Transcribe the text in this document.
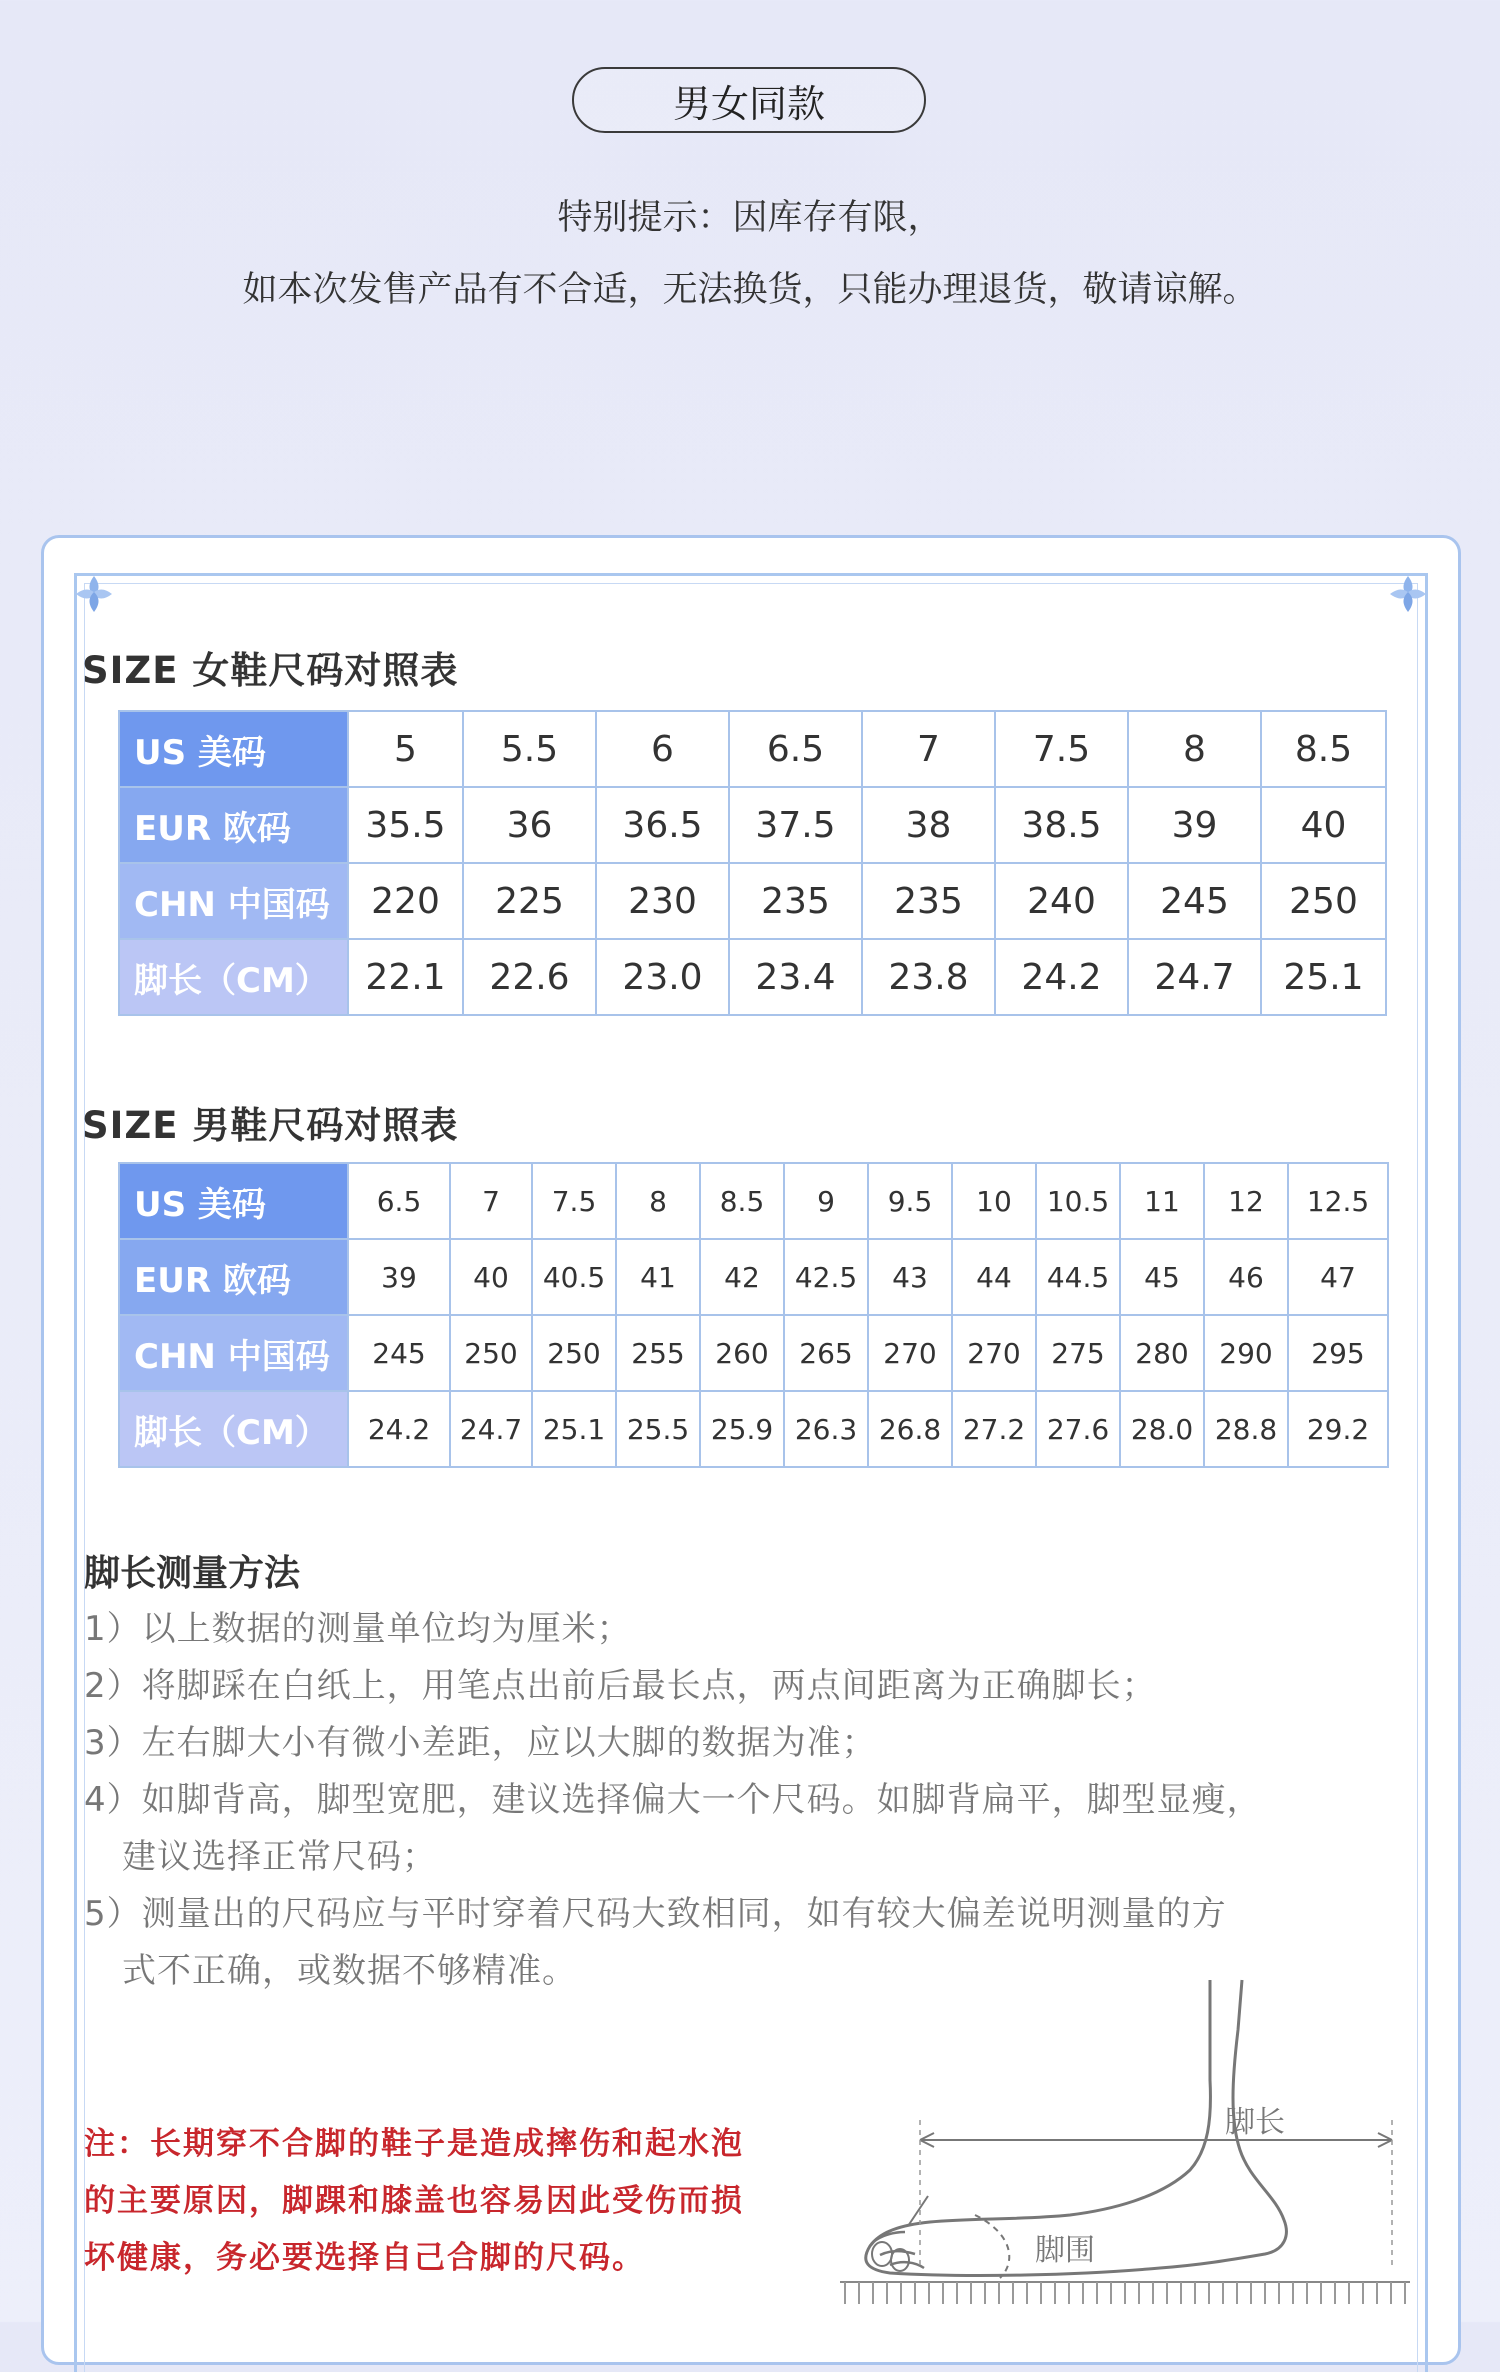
男女同款
特别提示：因库存有限，
如本次发售产品有不合适，无法换货，只能办理退货，敬请谅解。
SIZE 女鞋尺码对照表
US 美码	5	5.5	6	6.5	7	7.5	8	8.5
EUR 欧码	35.5	36	36.5	37.5	38	38.5	39	40
CHN 中国码	220	225	230	235	235	240	245	250
脚长（CM）	22.1	22.6	23.0	23.4	23.8	24.2	24.7	25.1
SIZE 男鞋尺码对照表
US 美码	6.5	7	7.5	8	8.5	9	9.5	10	10.5	11	12	12.5
EUR 欧码	39	40	40.5	41	42	42.5	43	44	44.5	45	46	47
CHN 中国码	245	250	250	255	260	265	270	270	275	280	290	295
脚长（CM）	24.2	24.7	25.1	25.5	25.9	26.3	26.8	27.2	27.6	28.0	28.8	29.2
脚长测量方法
1）以上数据的测量单位均为厘米；
2）将脚踩在白纸上，用笔点出前后最长点，两点间距离为正确脚长；
3）左右脚大小有微小差距，应以大脚的数据为准；
4）如脚背高，脚型宽肥，建议选择偏大一个尺码。如脚背扁平，脚型显瘦，
建议选择正常尺码；
5）测量出的尺码应与平时穿着尺码大致相同，如有较大偏差说明测量的方
式不正确，或数据不够精准。
注：长期穿不合脚的鞋子是造成摔伤和起水泡
的主要原因，脚踝和膝盖也容易因此受伤而损
坏健康，务必要选择自己合脚的尺码。
脚长
脚围
